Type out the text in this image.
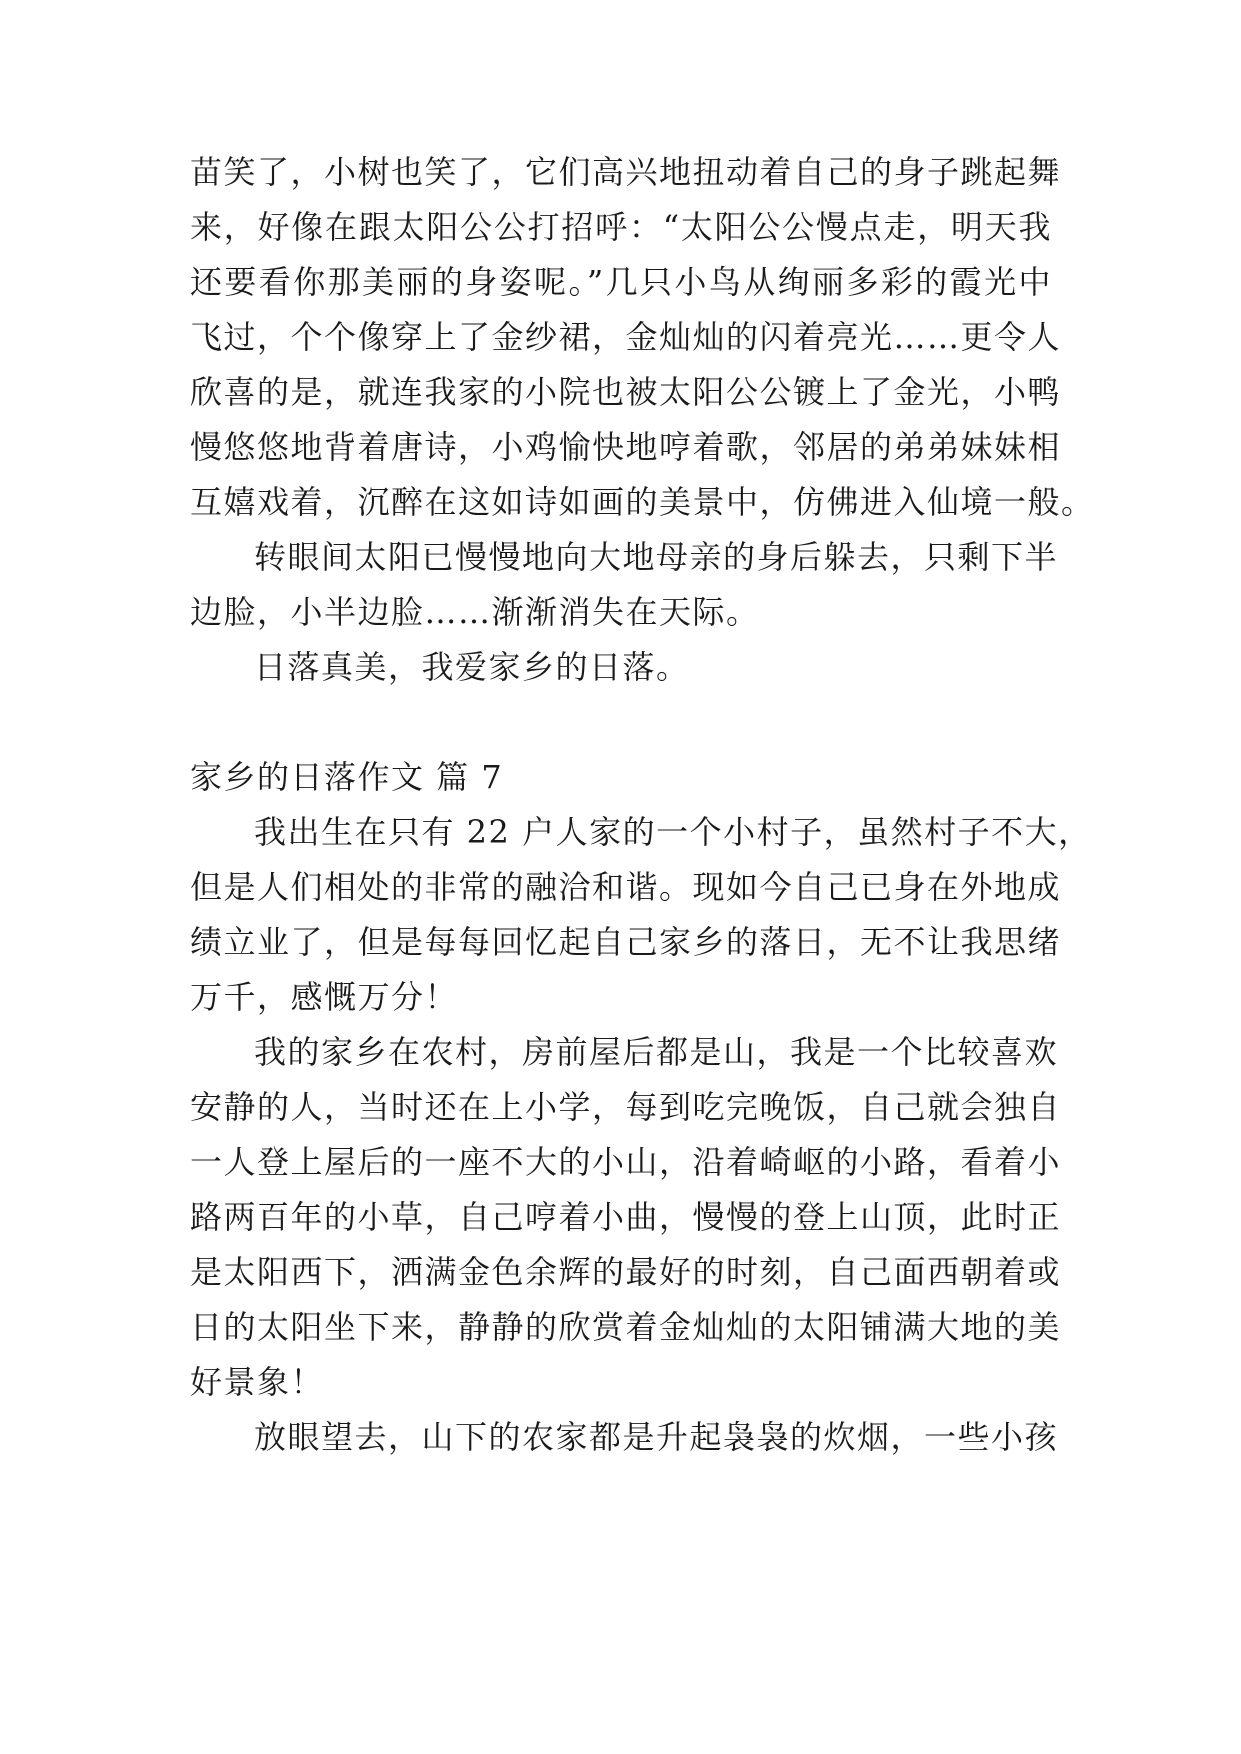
苗笑了，小树也笑了，它们高兴地扭动着自己的身子跳起舞
来，好像在跟太阳公公打招呼：“太阳公公慢点走，明天我
还要看你那美丽的身姿呢。”几只小鸟从绚丽多彩的霞光中
飞过，个个像穿上了金纱裙，金灿灿的闪着亮光……更令人
欣喜的是，就连我家的小院也被太阳公公镀上了金光，小鸭
慢悠悠地背着唐诗，小鸡愉快地哼着歌，邻居的弟弟妹妹相
互嬉戏着，沉醉在这如诗如画的美景中，仿佛进入仙境一般。
转眼间太阳已慢慢地向大地母亲的身后躲去，只剩下半
边脸，小半边脸……渐渐消失在天际。
日落真美，我爱家乡的日落。
家乡的日落作文 篇 7
我出生在只有 22 户人家的一个小村子，虽然村子不大，
但是人们相处的非常的融洽和谐。现如今自己已身在外地成
绩立业了，但是每每回忆起自己家乡的落日，无不让我思绪
万千，感慨万分！
我的家乡在农村，房前屋后都是山，我是一个比较喜欢
安静的人，当时还在上小学，每到吃完晚饭，自己就会独自
一人登上屋后的一座不大的小山，沿着崎岖的小路，看着小
路两百年的小草，自己哼着小曲，慢慢的登上山顶，此时正
是太阳西下，洒满金色余辉的最好的时刻，自己面西朝着或
日的太阳坐下来，静静的欣赏着金灿灿的太阳铺满大地的美
好景象！
放眼望去，山下的农家都是升起袅袅的炊烟，一些小孩
